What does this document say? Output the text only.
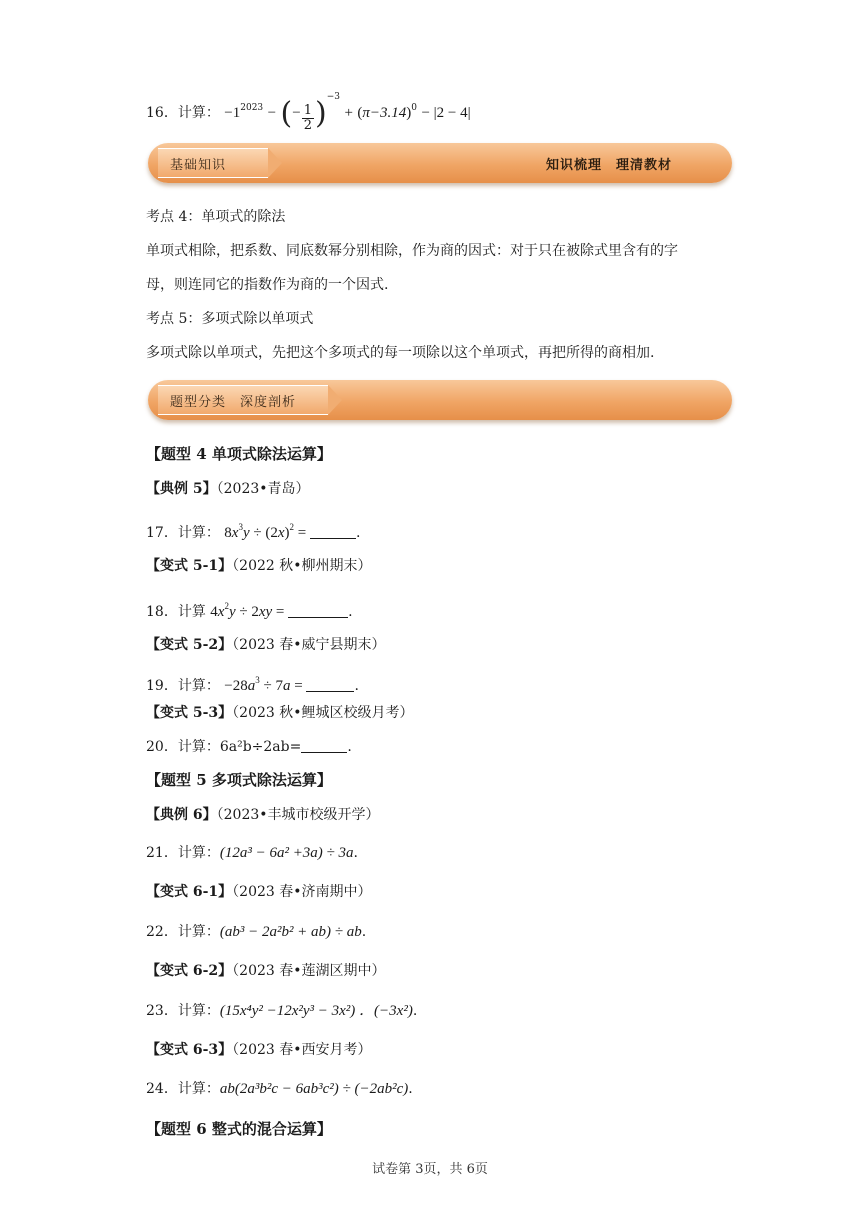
16．计算： $-1^{2023}$ − (− $\frac{1}{2} )^{-3} + (\pi-3.14)^0 - |2 - 4|$
基础知识	知识梳理　理清教材
考点 4：单项式的除法
单项式相除，把系数、同底数幂分别相除，作为商的因式：对于只在被除式里含有的字
母，则连同它的指数作为商的一个因式.
考点 5：多项式除以单项式
多项式除以单项式，先把这个多项式的每一项除以这个单项式，再把所得的商相加.
题型分类　深度剖析
【题型 4 单项式除法运算】
【典例 5】（2023•青岛）
17．计算： $8x^3y \div (2x)^2$ =	.
【变式 5-1】（2022 秋•柳州期末）
18．计算 $4x^2y \div 2xy$ =	.
【变式 5-2】（2023 春•威宁县期末）
19．计算： $-28a^3 \div 7a$ =	.
【变式 5-3】（2023 秋•鲤城区校级月考）
20．计算：6a²b÷2ab=	.
【题型 5 多项式除法运算】
【典例 6】（2023•丰城市校级开学）
21．计算：(12a³ − 6a² +3a) ÷ 3a.
【变式 6-1】（2023 春•济南期中）
22．计算：(ab³ − 2a²b² + ab) ÷ ab.
【变式 6-2】（2023 春•莲湖区期中）
23．计算：(15x⁴y² −12x²y³ − 3x²) ．(−3x²).
【变式 6-3】（2023 春•西安月考）
24．计算：ab(2a³b²c − 6ab³c²) ÷ (−2ab²c).
【题型 6 整式的混合运算】
试卷第 3页，共 6页
